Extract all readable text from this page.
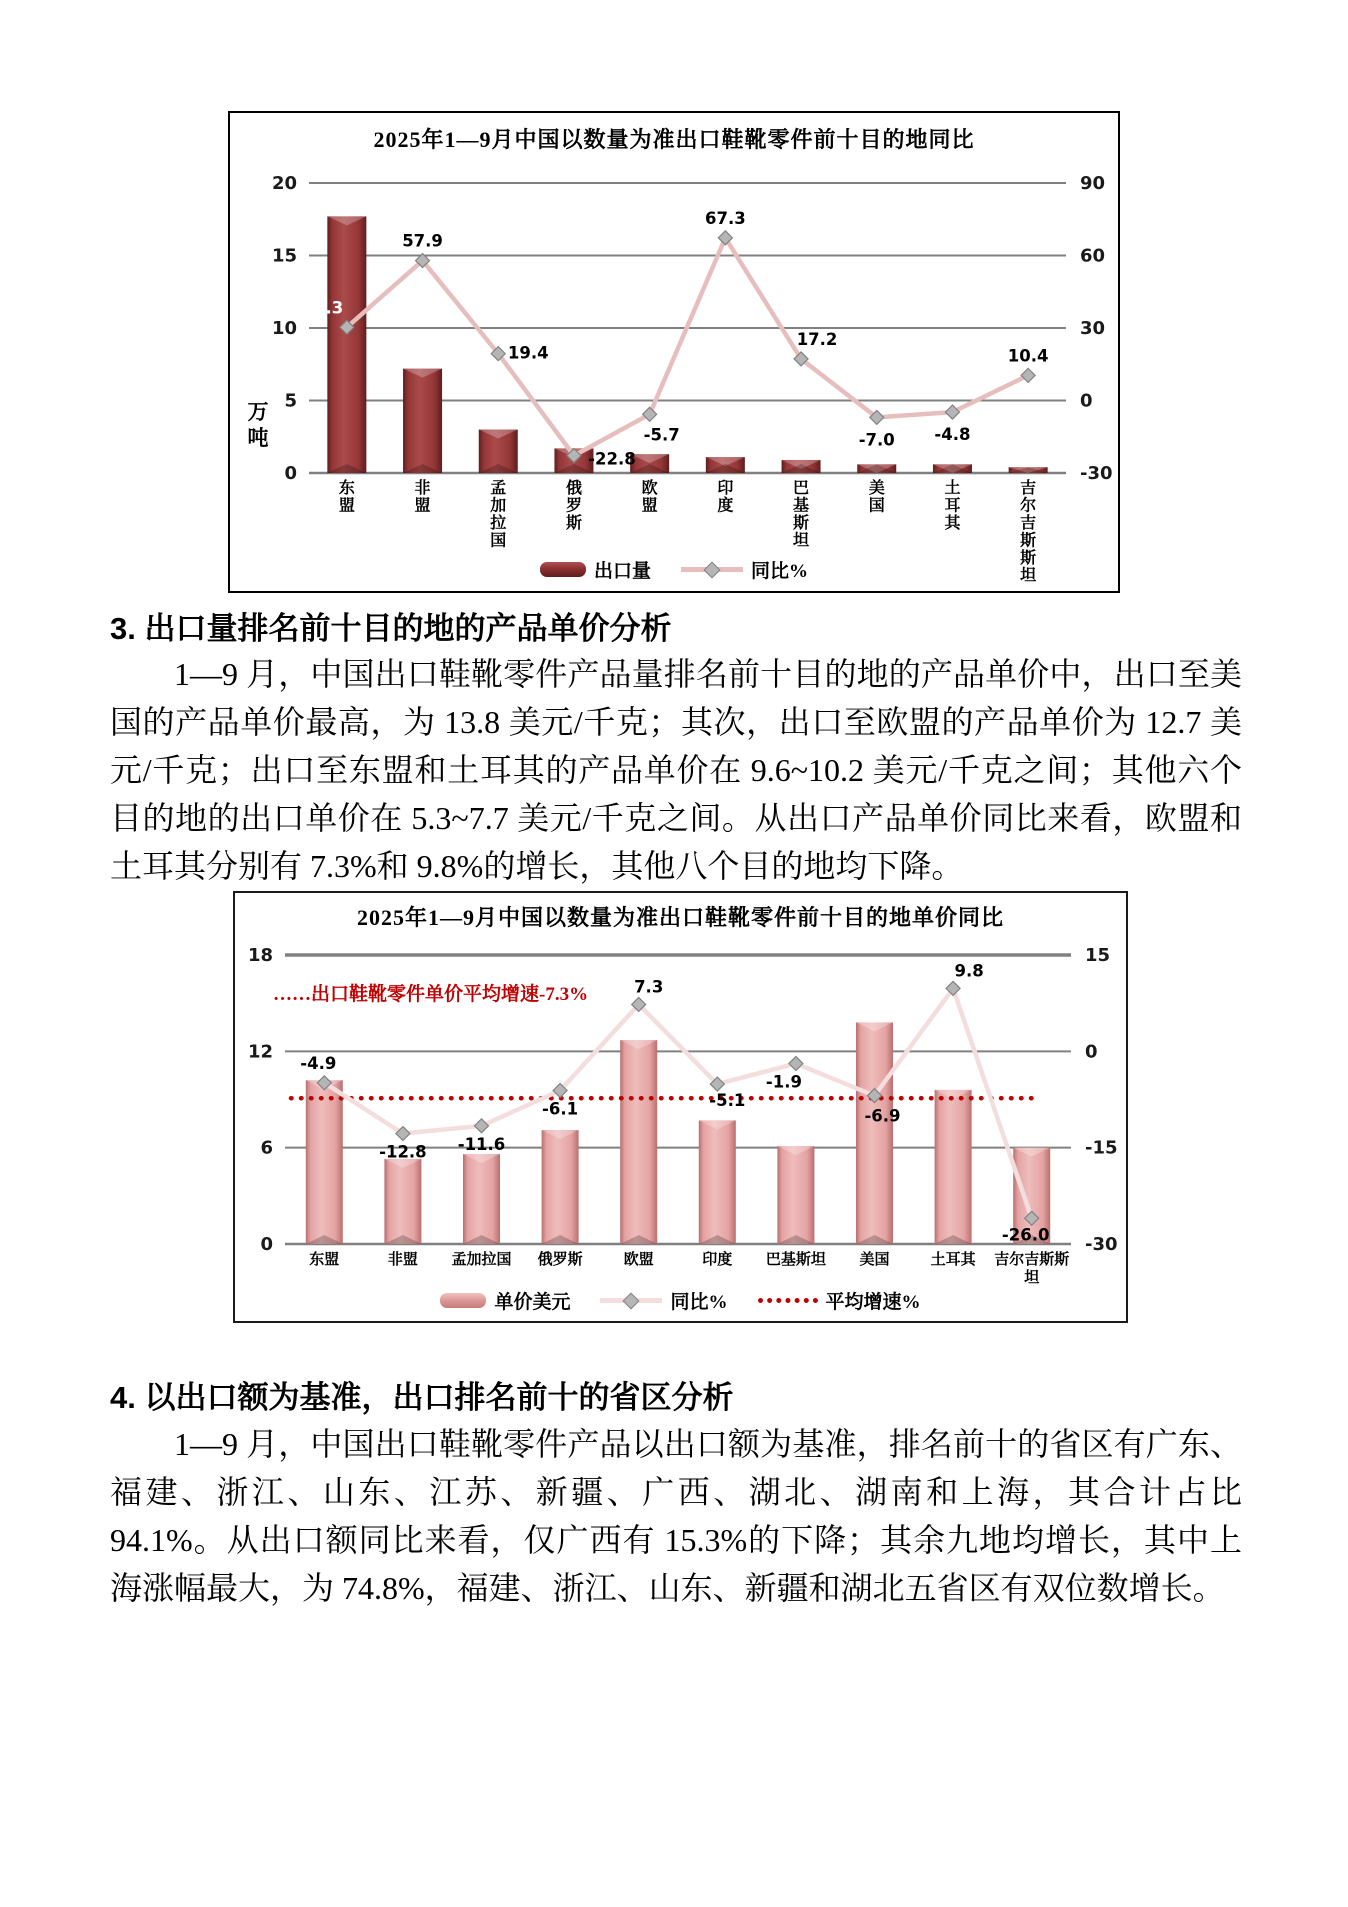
2025年1—9月中国以数量为准出口鞋靴零件前十目的地同比
0
5
10
15
20
-30
0
30
60
90
万
吨
30.3
57.9
19.4
-22.8
-5.7
67.3
17.2
-7.0 -4.8
10.4
东盟
非盟
孟加拉国
俄罗斯
欧盟
印度
巴基斯坦
美国
土耳其
吉尔吉斯斯坦
出口量	同比%
3. 出口量排名前十目的地的产品单价分析

1—9 月，中国出口鞋靴零件产品量排名前十目的地的产品单价中，出口至美国的产品单价最高，为 13.8 美元/千克；其次，出口至欧盟的产品单价为 12.7 美元/千克；出口至东盟和土耳其的产品单价在 9.6~10.2 美元/千克之间；其他六个目的地的出口单价在 5.3~7.7 美元/千克之间。从出口产品单价同比来看，欧盟和土耳其分别有 7.3%和 9.8%的增长，其他八个目的地均下降。

2025年1—9月中国以数量为准出口鞋靴零件前十目的地单价同比
0
6
12
18
-30
-15
0
15
……出口鞋靴零件单价平均增速-7.3%
-4.9
-12.8 -11.6
-6.1
7.3
-5.1
-1.9
-6.9
9.8
-26.0
东盟	非盟 孟加拉国 俄罗斯	欧盟	印度 巴基斯坦 美国	土耳其 吉尔吉斯斯
坦
单价美元	同比%	平均增速%
4. 以出口额为基准，出口排名前十的省区分析

1—9 月，中国出口鞋靴零件产品以出口额为基准，排名前十的省区有广东、福建、浙江、山东、江苏、新疆、广西、湖北、湖南和上海，其合计占比 94.1%。从出口额同比来看，仅广西有 15.3%的下降；其余九地均增长，其中上海涨幅最大，为 74.8%，福建、浙江、山东、新疆和湖北五省区有双位数增长。
